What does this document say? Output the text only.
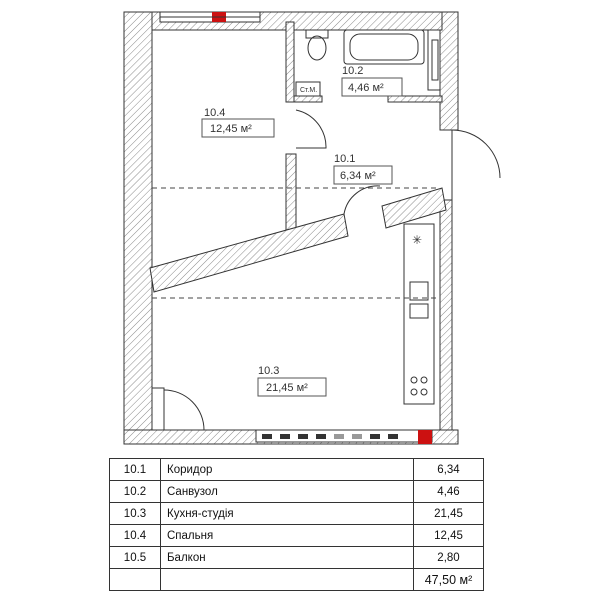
Ст.М.
✳
10.4
12,45 м²
10.2
4,46 м²
10.1
6,34 м²
10.3
21,45 м²
10.1	Коридор	6,34
10.2	Санвузол	4,46
10.3	Кухня-студія	21,45
10.4	Спальня	12,45
10.5	Балкон	2,80
		47,50 м²
